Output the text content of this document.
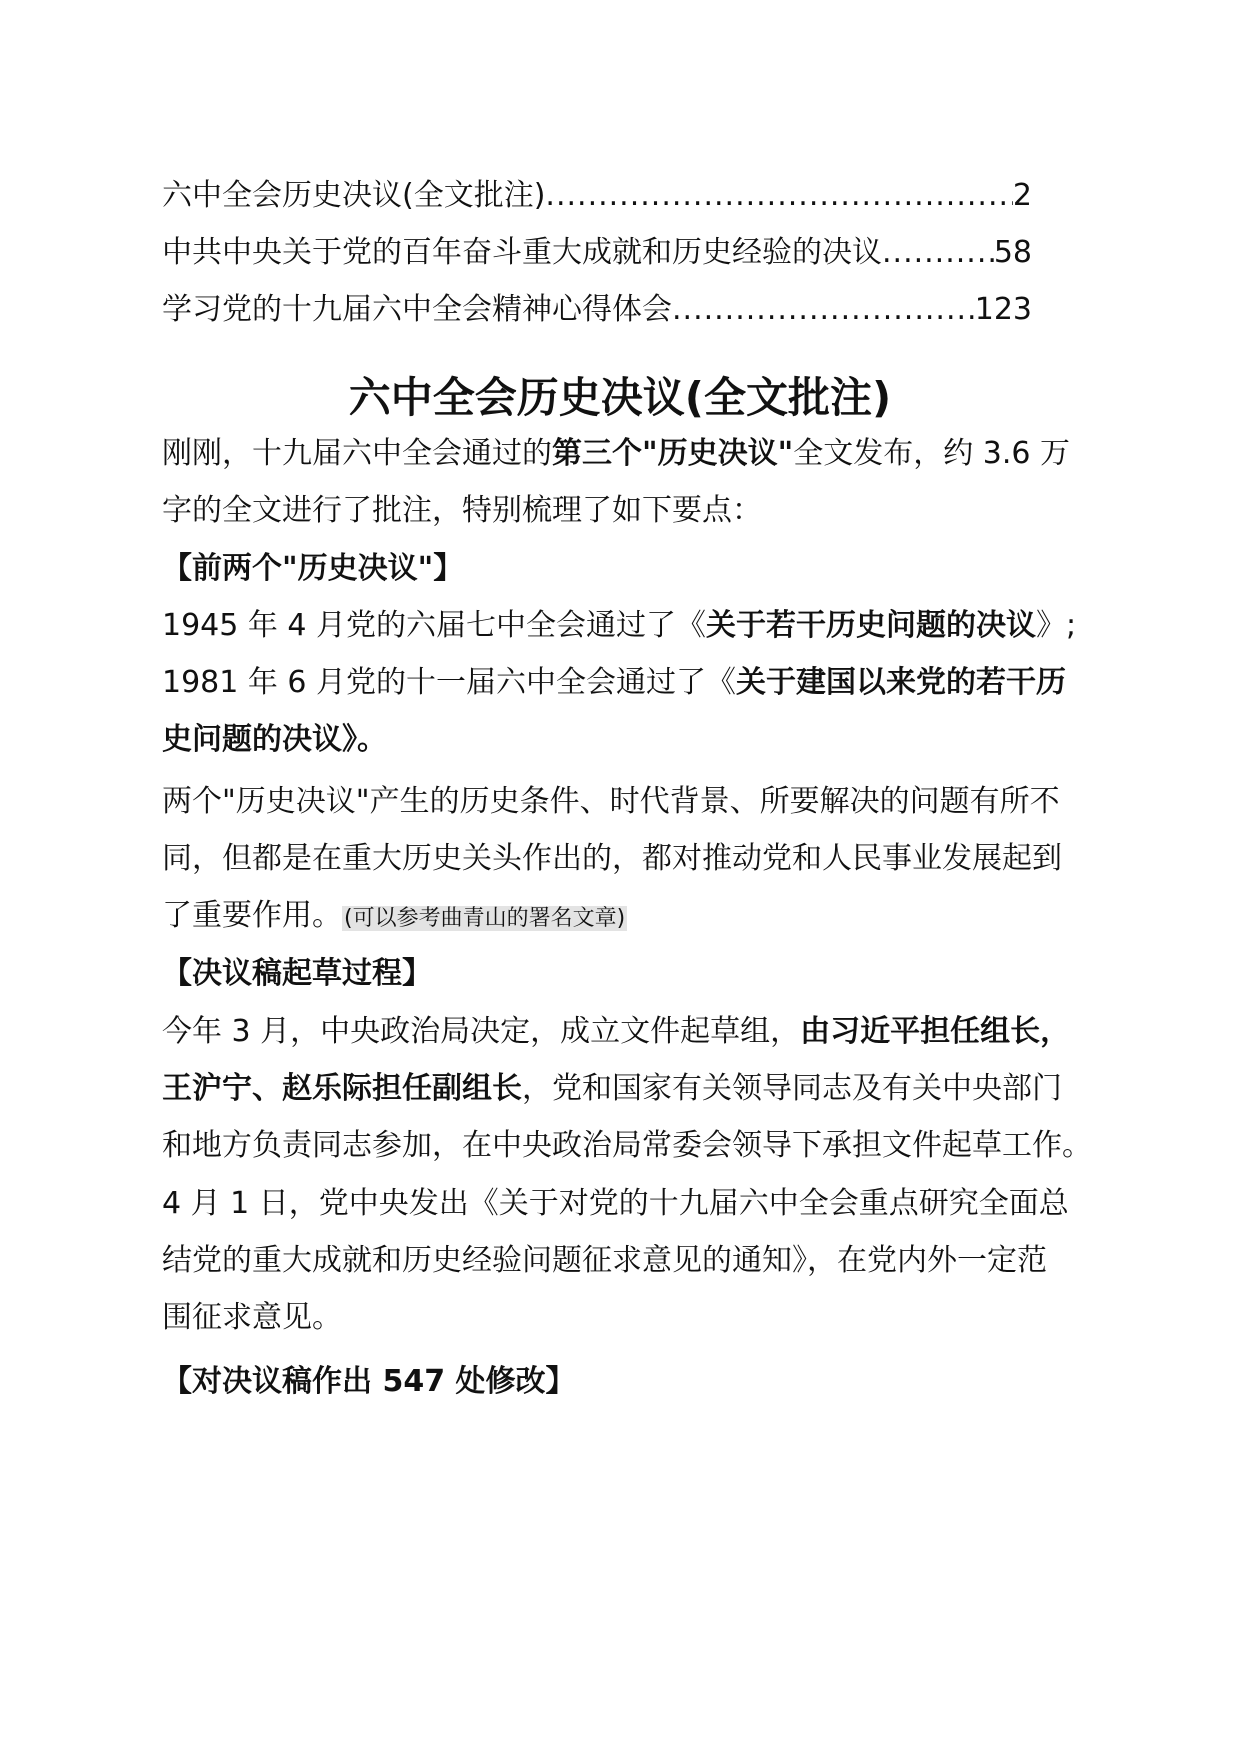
六中全会历史决议(全文批注) .....	2
中共中央关于党的百年奋斗重大成就和历史经验的决议 .....	58
学习党的十九届六中全会精神心得体会 .....	123
六中全会历史决议(全文批注)
刚刚，十九届六中全会通过的第三个"历史决议"全文发布，约 3.6 万
字的全文进行了批注，特别梳理了如下要点：
【前两个"历史决议"】
1945 年 4 月党的六届七中全会通过了《关于若干历史问题的决议》;
1981 年 6 月党的十一届六中全会通过了《关于建国以来党的若干历
史问题的决议》。
两个"历史决议"产生的历史条件、时代背景、所要解决的问题有所不
同，但都是在重大历史关头作出的，都对推动党和人民事业发展起到
了重要作用。(可以参考曲青山的署名文章)
【决议稿起草过程】
今年 3 月，中央政治局决定，成立文件起草组，由习近平担任组长，
王沪宁、赵乐际担任副组长，党和国家有关领导同志及有关中央部门
和地方负责同志参加，在中央政治局常委会领导下承担文件起草工作。
4 月 1 日，党中央发出《关于对党的十九届六中全会重点研究全面总
结党的重大成就和历史经验问题征求意见的通知》，在党内外一定范
围征求意见。
【对决议稿作出 547 处修改】
